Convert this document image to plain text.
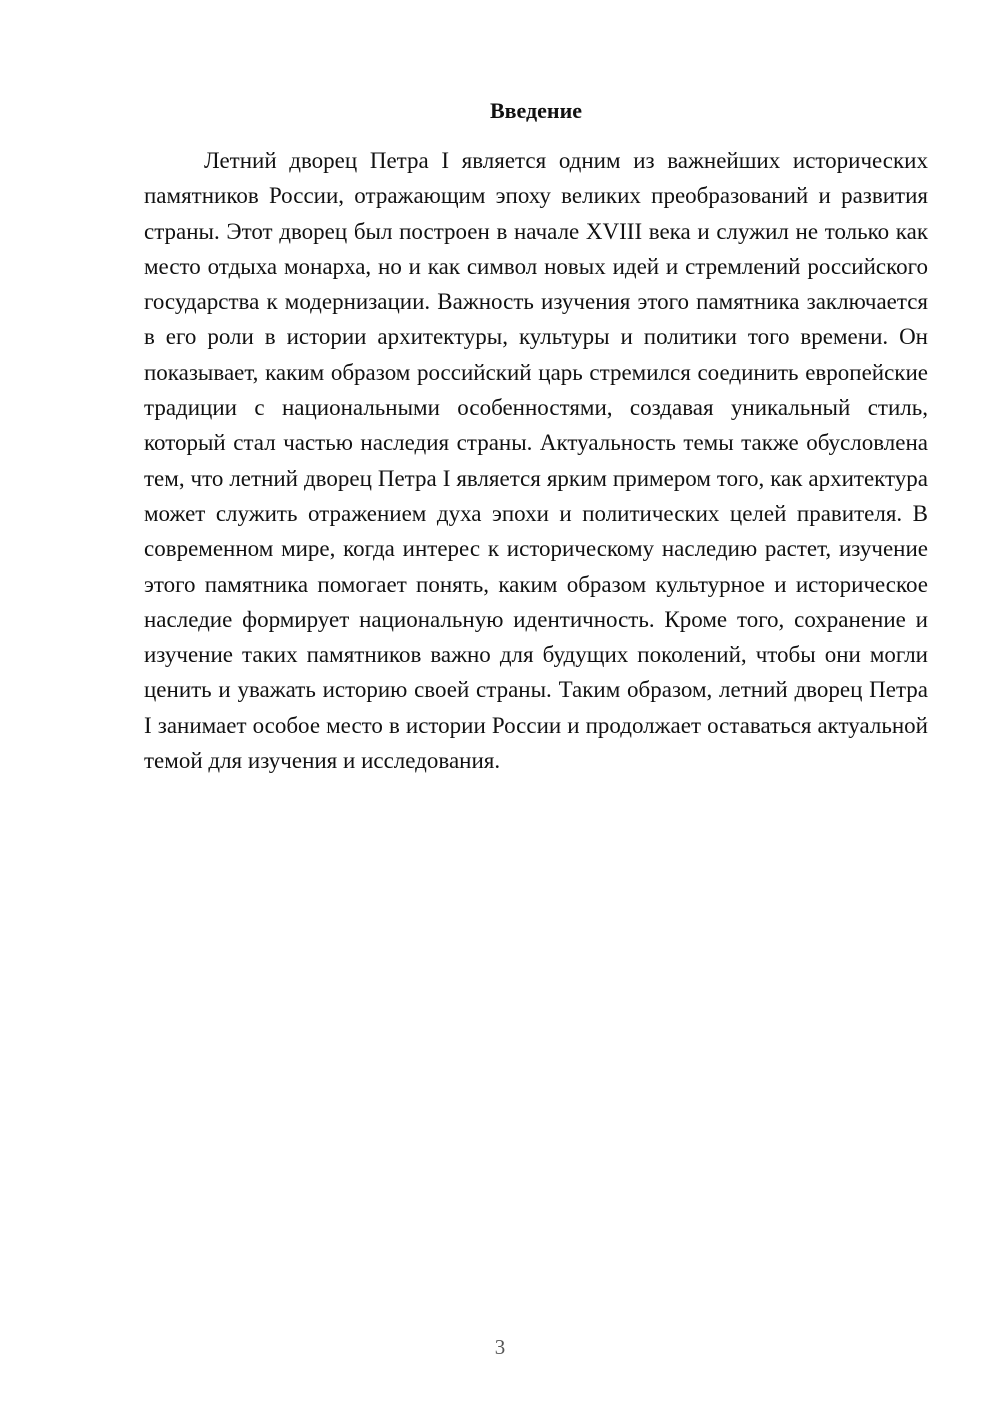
Введение

Летний дворец Петра I является одним из важнейших исторических памятников России, отражающим эпоху великих преобразований и развития страны. Этот дворец был построен в начале XVIII века и служил не только как место отдыха монарха, но и как символ новых идей и стремлений российского государства к модернизации. Важность изучения этого памятника заключается в его роли в истории архитектуры, культуры и политики того времени. Он показывает, каким образом российский царь стремился соединить европейские традиции с национальными особенностями, создавая уникальный стиль, который стал частью наследия страны. Актуальность темы также обусловлена тем, что летний дворец Петра I является ярким примером того, как архитектура может служить отражением духа эпохи и политических целей правителя. В современном мире, когда интерес к историческому наследию растет, изучение этого памятника помогает понять, каким образом культурное и историческое наследие формирует национальную идентичность. Кроме того, сохранение и изучение таких памятников важно для будущих поколений, чтобы они могли ценить и уважать историю своей страны. Таким образом, летний дворец Петра I занимает особое место в истории России и продолжает оставаться актуальной темой для изучения и исследования.

3
